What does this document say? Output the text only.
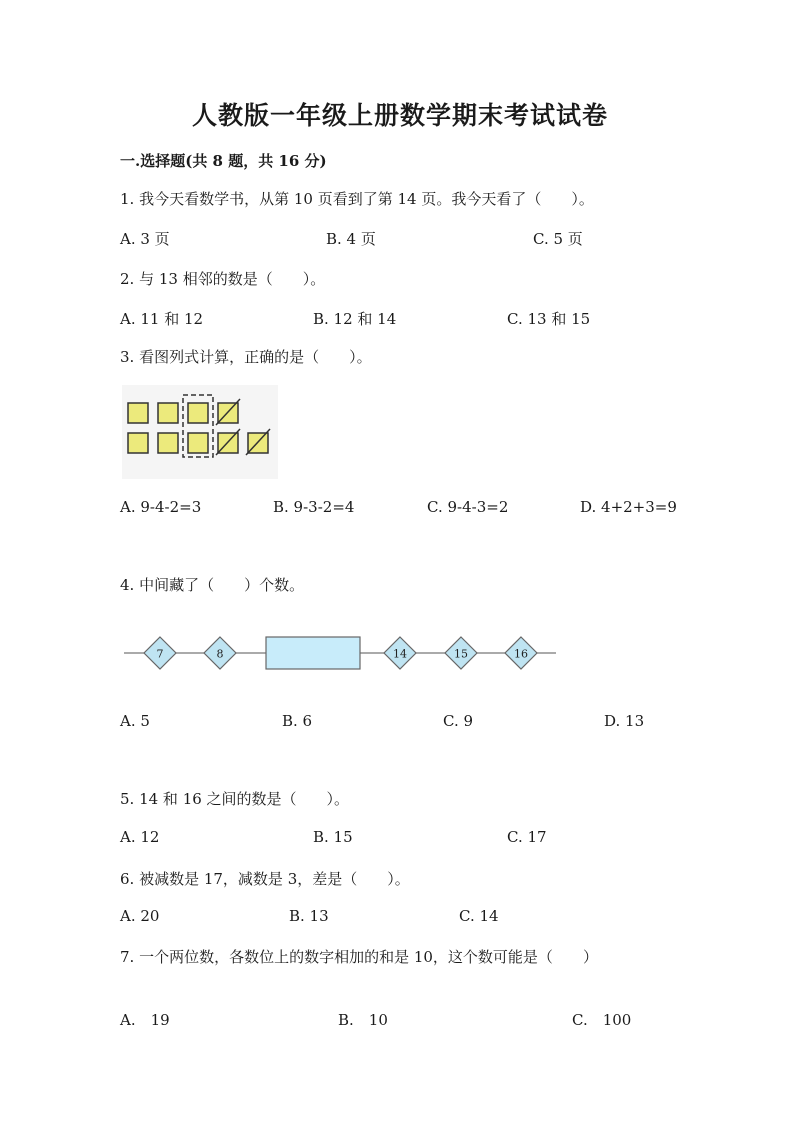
人教版一年级上册数学期末考试试卷
一.选择题(共 8 题，共 16 分)
1. 我今天看数学书，从第 10 页看到了第 14 页。我今天看了（　　）。
A. 3 页	B. 4 页	C. 5 页
2. 与 13 相邻的数是（　　）。
A. 11 和 12	B. 12 和 14	C. 13 和 15
3. 看图列式计算，正确的是（　　）。
A. 9-4-2=3	B. 9-3-2=4	C. 9-4-3=2	D. 4+2+3=9
4. 中间藏了（　　）个数。
7	8	14	15	16
A. 5	B. 6	C. 9	D. 13
5. 14 和 16 之间的数是（　　）。
A. 12	B. 15	C. 17
6. 被减数是 17，减数是 3，差是（　　）。
A. 20	B. 13	C. 14
7. 一个两位数，各数位上的数字相加的和是 10，这个数可能是（　　）
A.　19	B.　10	C.　100
